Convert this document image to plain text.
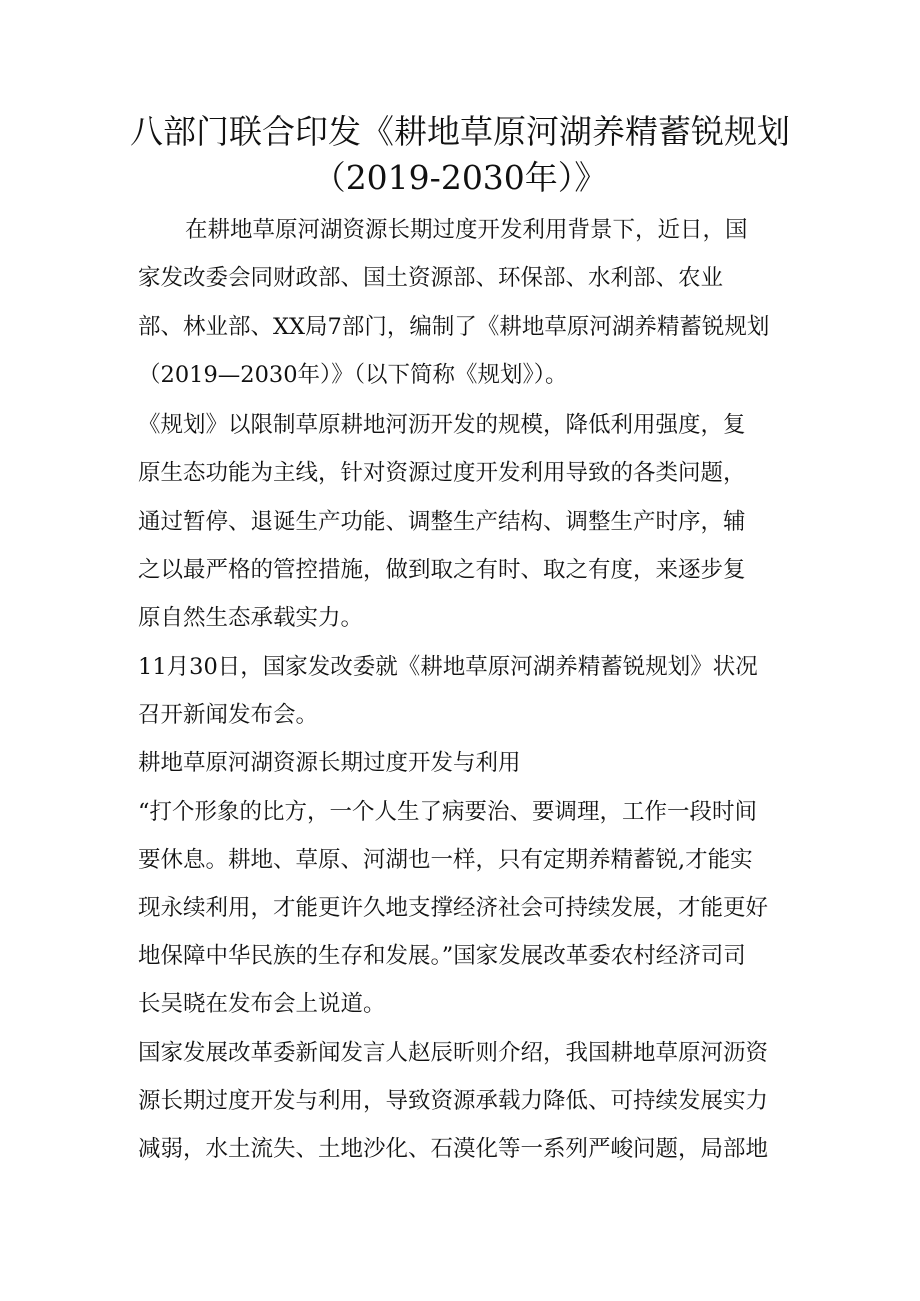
八部门联合印发《耕地草原河湖养精蓄锐规划
（2019-2030年）》
在耕地草原河湖资源长期过度开发利用背景下，近日，国
家发改委会同财政部、国土资源部、环保部、水利部、农业
部、林业部、XX局7部门，编制了《耕地草原河湖养精蓄锐规划
（2019—2030年）》（以下简称《规划》）。
《规划》以限制草原耕地河沥开发的规模，降低利用强度，复
原生态功能为主线，针对资源过度开发利用导致的各类问题，
通过暂停、退诞生产功能、调整生产结构、调整生产时序，辅
之以最严格的管控措施，做到取之有时、取之有度，来逐步复
原自然生态承载实力。
11月30日，国家发改委就《耕地草原河湖养精蓄锐规划》状况
召开新闻发布会。
耕地草原河湖资源长期过度开发与利用
“打个形象的比方，一个人生了病要治、要调理，工作一段时间
要休息。耕地、草原、河湖也一样，只有定期养精蓄锐,才能实
现永续利用，才能更许久地支撑经济社会可持续发展，才能更好
地保障中华民族的生存和发展。”国家发展改革委农村经济司司
长吴晓在发布会上说道。
国家发展改革委新闻发言人赵辰昕则介绍，我国耕地草原河沥资
源长期过度开发与利用，导致资源承载力降低、可持续发展实力
减弱，水土流失、土地沙化、石漠化等一系列严峻问题，局部地
